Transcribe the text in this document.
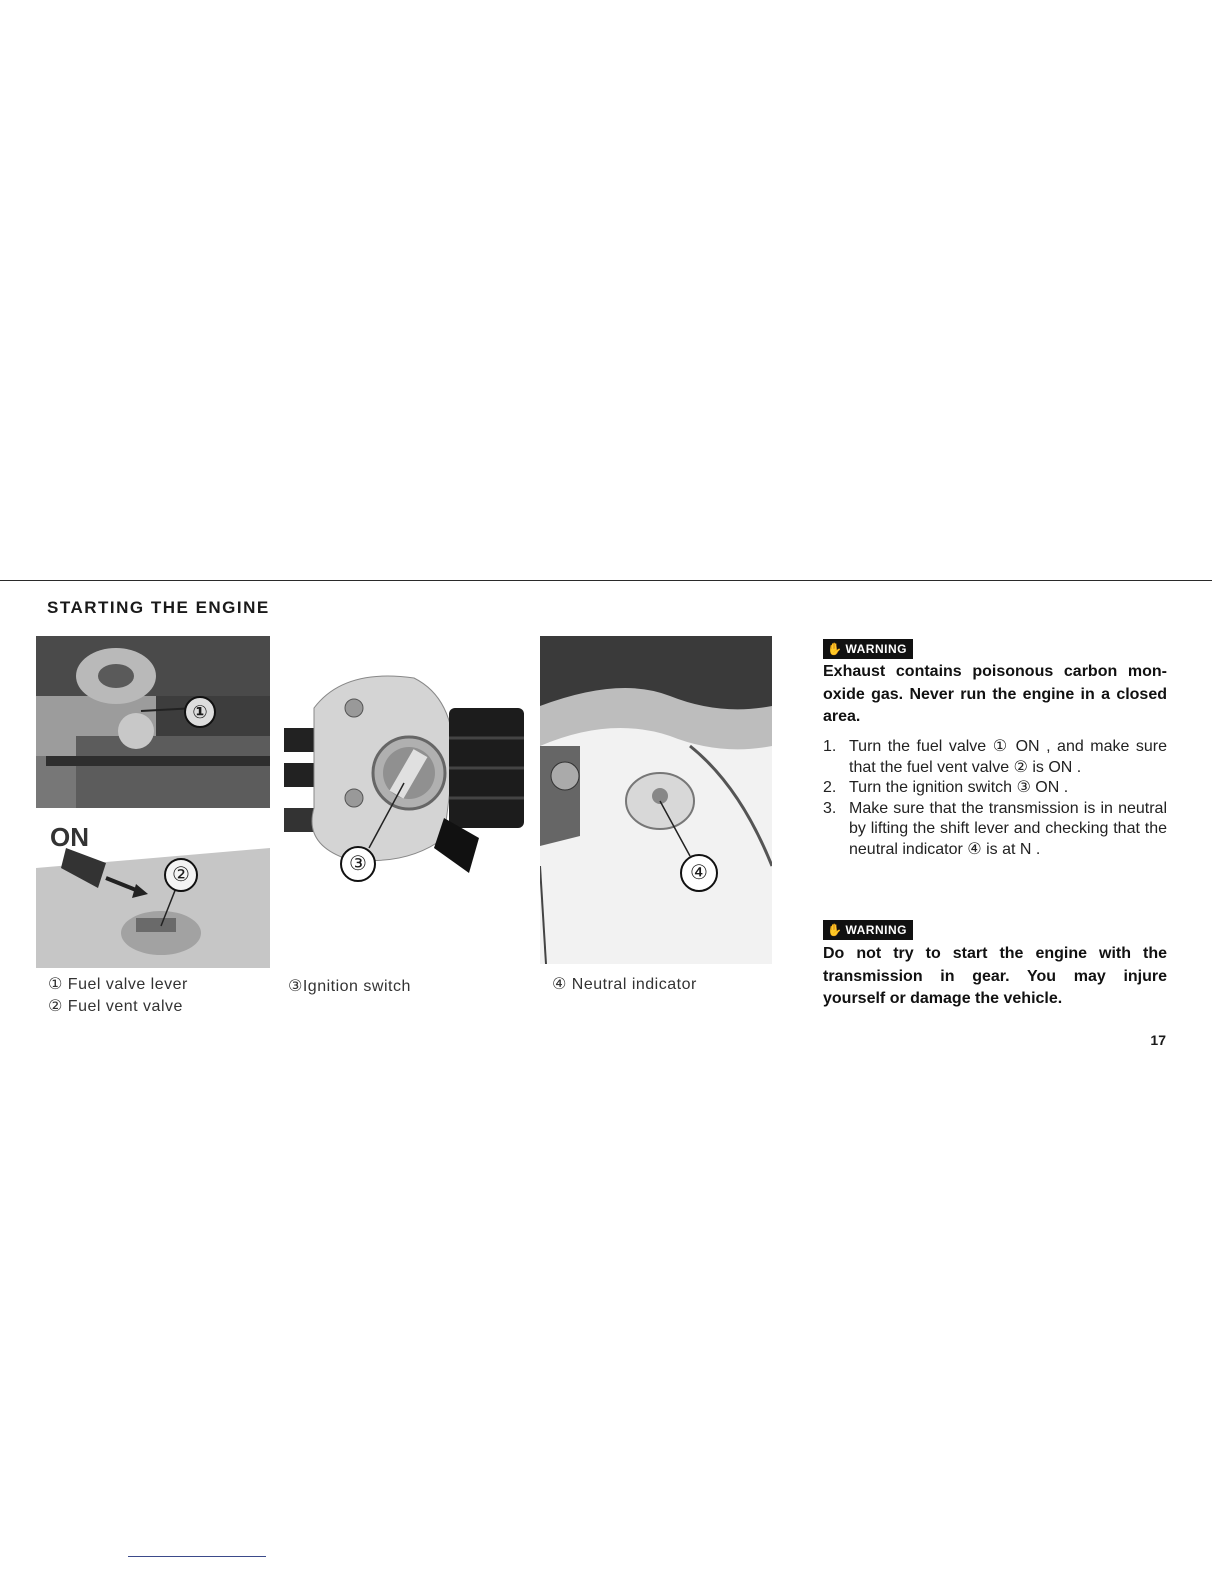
STARTING THE ENGINE
①
ON
②	③	④
① Fuel valve lever
② Fuel vent valve
③Ignition switch	④ Neutral indicator
✋ WARNING
Exhaust contains poisonous carbon mon-oxide gas. Never run the engine in a closed area.
1. Turn the fuel valve ① ON , and make sure that the fuel vent valve ② is ON .
2. Turn the ignition switch ③ ON .
3. Make sure that the transmission is in neutral by lifting the shift lever and checking that the neutral indicator ④ is at N .
✋ WARNING
Do not try to start the engine with the transmission in gear. You may injure yourself or damage the vehicle.
17
